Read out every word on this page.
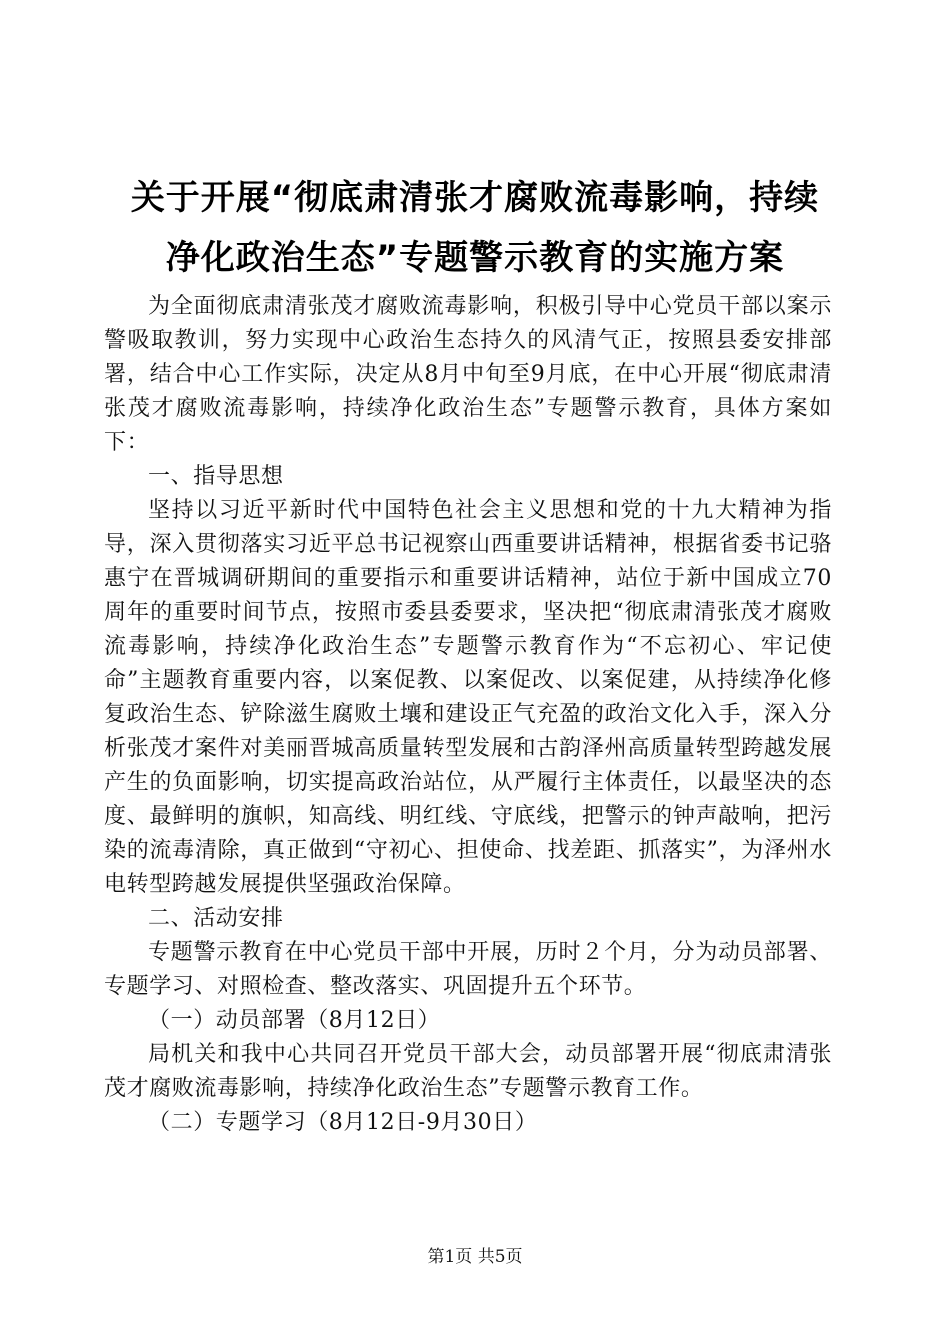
关于开展“彻底肃清张才腐败流毒影响，持续
净化政治生态”专题警示教育的实施方案

为全面彻底肃清张茂才腐败流毒影响，积极引导中心党员干部以案示警吸取教训，努力实现中心政治生态持久的风清气正，按照县委安排部署，结合中心工作实际，决定从8月中旬至9月底，在中心开展“彻底肃清张茂才腐败流毒影响，持续净化政治生态”专题警示教育，具体方案如下：

一、指导思想

坚持以习近平新时代中国特色社会主义思想和党的十九大精神为指导，深入贯彻落实习近平总书记视察山西重要讲话精神，根据省委书记骆惠宁在晋城调研期间的重要指示和重要讲话精神，站位于新中国成立70周年的重要时间节点，按照市委县委要求，坚决把“彻底肃清张茂才腐败流毒影响，持续净化政治生态”专题警示教育作为“不忘初心、牢记使命”主题教育重要内容，以案促教、以案促改、以案促建，从持续净化修复政治生态、铲除滋生腐败土壤和建设正气充盈的政治文化入手，深入分析张茂才案件对美丽晋城高质量转型发展和古韵泽州高质量转型跨越发展产生的负面影响，切实提高政治站位，从严履行主体责任，以最坚决的态度、最鲜明的旗帜，知高线、明红线、守底线，把警示的钟声敲响，把污染的流毒清除，真正做到“守初心、担使命、找差距、抓落实”，为泽州水电转型跨越发展提供坚强政治保障。

二、活动安排

专题警示教育在中心党员干部中开展，历时２个月，分为动员部署、专题学习、对照检查、整改落实、巩固提升五个环节。

（一）动员部署（8月12日）

局机关和我中心共同召开党员干部大会，动员部署开展“彻底肃清张茂才腐败流毒影响，持续净化政治生态”专题警示教育工作。

（二）专题学习（8月12日-9月30日）

第1页 共5页
